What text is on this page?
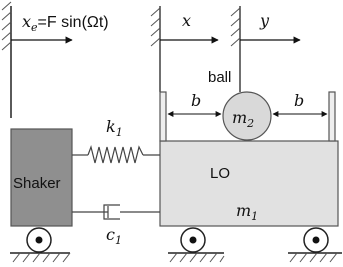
$x_e=F$ sin(Ωt)	x	y
Shaker
LO
$m_1$
$m_2$
ball
b	b
$k_1$
$c_1$
